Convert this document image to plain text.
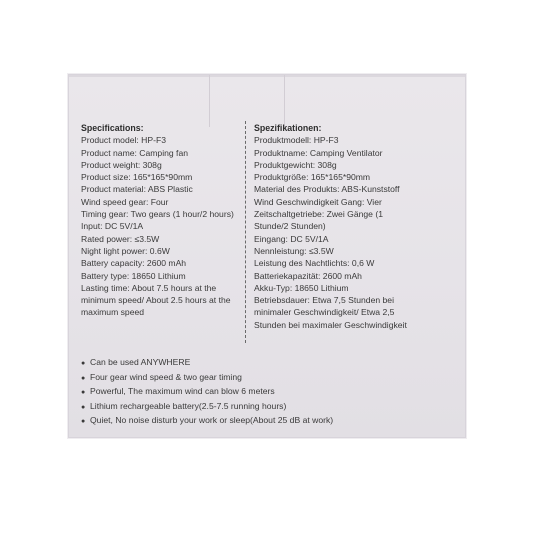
Specifications:
Product model: HP-F3
Product name: Camping fan
Product weight: 308g
Product size: 165*165*90mm
Product material: ABS Plastic
Wind speed gear: Four
Timing gear: Two gears (1 hour/2 hours)
Input: DC 5V/1A
Rated power: ≤3.5W
Night light power: 0.6W
Battery capacity: 2600 mAh
Battery type: 18650 Lithium
Lasting time: About 7.5 hours at the
minimum speed/ About 2.5 hours at the
maximum speed
Spezifikationen:
Produktmodell: HP-F3
Produktname: Camping Ventilator
Produktgewicht: 308g
Produktgröße: 165*165*90mm
Material des Produkts: ABS-Kunststoff
Wind Geschwindigkeit Gang: Vier
Zeitschaltgetriebe: Zwei Gänge (1
Stunde/2 Stunden)
Eingang: DC 5V/1A
Nennleistung: ≤3.5W
Leistung des Nachtlichts: 0,6 W
Batteriekapazität: 2600 mAh
Akku-Typ: 18650 Lithium
Betriebsdauer: Etwa 7,5 Stunden bei
minimaler Geschwindigkeit/ Etwa 2,5
Stunden bei maximaler Geschwindigkeit
● Can be used ANYWHERE
● Four gear wind speed & two gear timing
● Powerful, The maximum wind can blow 6 meters
● Lithium rechargeable battery(2.5-7.5 running hours)
● Quiet, No noise disturb your work or sleep(About 25 dB at work)
